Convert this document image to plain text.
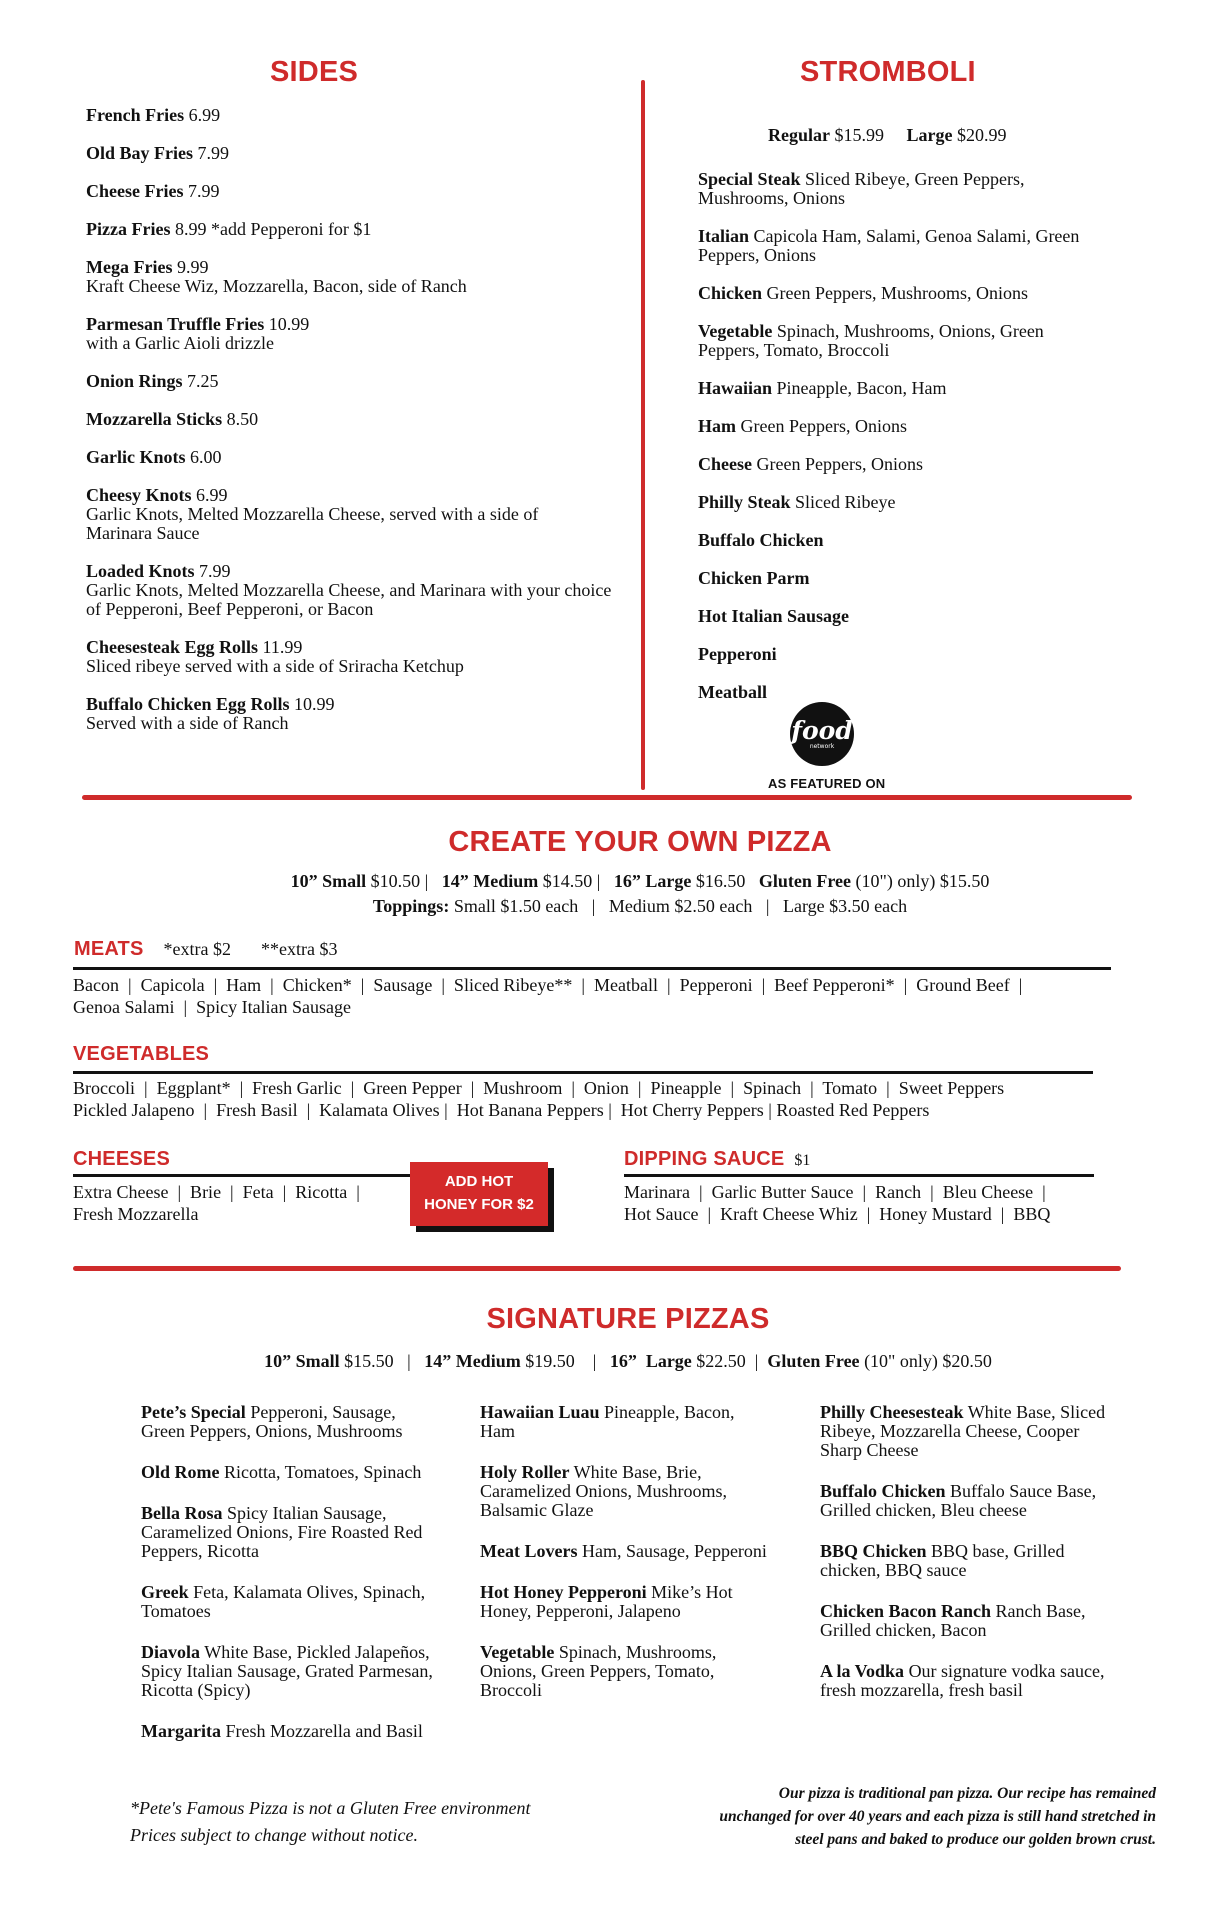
SIDES
French Fries 6.99
Old Bay Fries 7.99
Cheese Fries 7.99
Pizza Fries 8.99 *add Pepperoni for $1
Mega Fries 9.99
Kraft Cheese Wiz, Mozzarella, Bacon, side of Ranch
Parmesan Truffle Fries 10.99
with a Garlic Aioli drizzle
Onion Rings 7.25
Mozzarella Sticks 8.50
Garlic Knots 6.00
Cheesy Knots 6.99
Garlic Knots, Melted Mozzarella Cheese, served with a side of Marinara Sauce
Loaded Knots 7.99
Garlic Knots, Melted Mozzarella Cheese, and Marinara with your choice of Pepperoni, Beef Pepperoni, or Bacon
Cheesesteak Egg Rolls 11.99
Sliced ribeye served with a side of Sriracha Ketchup
Buffalo Chicken Egg Rolls 10.99
Served with a side of Ranch
STROMBOLI
Regular $15.99 Large $20.99
Special Steak Sliced Ribeye, Green Peppers, Mushrooms, Onions
Italian Capicola Ham, Salami, Genoa Salami, Green Peppers, Onions
Chicken Green Peppers, Mushrooms, Onions
Vegetable Spinach, Mushrooms, Onions, Green Peppers, Tomato, Broccoli
Hawaiian Pineapple, Bacon, Ham
Ham Green Peppers, Onions
Cheese Green Peppers, Onions
Philly Steak Sliced Ribeye
Buffalo Chicken
Chicken Parm
Hot Italian Sausage
Pepperoni
Meatball
food
network
AS FEATURED ON
CREATE YOUR OWN PIZZA
10” Small $10.50 | 14” Medium $14.50 | 16” Large $16.50 Gluten Free (10") only) $15.50
Toppings: Small $1.50 each   |   Medium $2.50 each   |   Large $3.50 each
MEATS *extra $2 **extra $3
Bacon  |  Capicola  |  Ham  |  Chicken*  |  Sausage  |  Sliced Ribeye**  |  Meatball  |  Pepperoni  |  Beef Pepperoni*  |  Ground Beef  |
Genoa Salami  |  Spicy Italian Sausage
VEGETABLES
Broccoli  |  Eggplant*  |  Fresh Garlic  |  Green Pepper  |  Mushroom  |  Onion  |  Pineapple  |  Spinach  |  Tomato  |  Sweet Peppers
Pickled Jalapeno  |  Fresh Basil  |  Kalamata Olives |  Hot Banana Peppers |  Hot Cherry Peppers | Roasted Red Peppers
CHEESES
Extra Cheese  |  Brie  |  Feta  |  Ricotta  |
Fresh Mozzarella
ADD HOT
HONEY FOR $2
DIPPING SAUCE $1
Marinara  |  Garlic Butter Sauce  |  Ranch  |  Bleu Cheese  |
Hot Sauce  |  Kraft Cheese Whiz  |  Honey Mustard  |  BBQ
SIGNATURE PIZZAS
10” Small $15.50   | 14” Medium $19.50    | 16”  Large $22.50  | Gluten Free (10" only) $20.50
Pete’s Special Pepperoni, Sausage, Green Peppers, Onions, Mushrooms
Old Rome Ricotta, Tomatoes, Spinach
Bella Rosa Spicy Italian Sausage, Caramelized Onions, Fire Roasted Red Peppers, Ricotta
Greek Feta, Kalamata Olives, Spinach, Tomatoes
Diavola White Base, Pickled Jalapeños, Spicy Italian Sausage, Grated Parmesan, Ricotta (Spicy)
Margarita Fresh Mozzarella and Basil
Hawaiian Luau Pineapple, Bacon, Ham
Holy Roller White Base, Brie, Caramelized Onions, Mushrooms, Balsamic Glaze
Meat Lovers Ham, Sausage, Pepperoni
Hot Honey Pepperoni Mike’s Hot Honey, Pepperoni, Jalapeno
Vegetable Spinach, Mushrooms, Onions, Green Peppers, Tomato, Broccoli
Philly Cheesesteak White Base, Sliced Ribeye, Mozzarella Cheese, Cooper Sharp Cheese
Buffalo Chicken Buffalo Sauce Base, Grilled chicken, Bleu cheese
BBQ Chicken BBQ base, Grilled chicken, BBQ sauce
Chicken Bacon Ranch Ranch Base, Grilled chicken, Bacon
A la Vodka Our signature vodka sauce, fresh mozzarella, fresh basil
*Pete's Famous Pizza is not a Gluten Free environment
Prices subject to change without notice.
Our pizza is traditional pan pizza. Our recipe has remained
unchanged for over 40 years and each pizza is still hand stretched in
steel pans and baked to produce our golden brown crust.
